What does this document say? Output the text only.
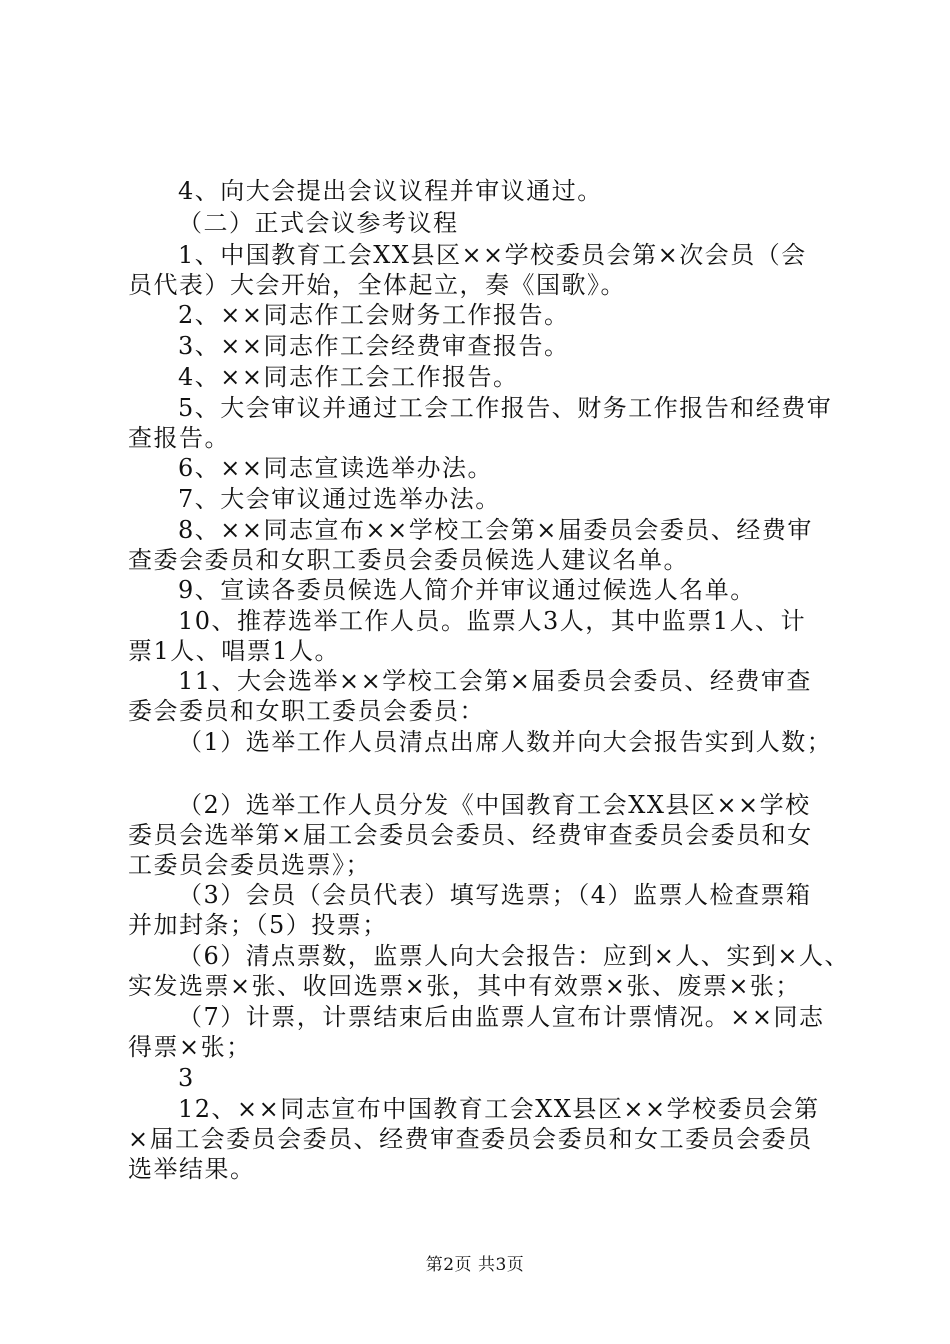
4、向大会提出会议议程并审议通过。
（二）正式会议参考议程
1、中国教育工会XX县区××学校委员会第×次会员（会
员代表）大会开始，全体起立，奏《国歌》。
2、××同志作工会财务工作报告。
3、××同志作工会经费审查报告。
4、××同志作工会工作报告。
5、大会审议并通过工会工作报告、财务工作报告和经费审
查报告。
6、××同志宣读选举办法。
7、大会审议通过选举办法。
8、××同志宣布××学校工会第×届委员会委员、经费审
查委会委员和女职工委员会委员候选人建议名单。
9、宣读各委员候选人简介并审议通过候选人名单。
10、推荐选举工作人员。监票人3人，其中监票1人、计
票1人、唱票1人。
11、大会选举××学校工会第×届委员会委员、经费审查
委会委员和女职工委员会委员：
（1）选举工作人员清点出席人数并向大会报告实到人数；
（2）选举工作人员分发《中国教育工会XX县区××学校
委员会选举第×届工会委员会委员、经费审查委员会委员和女
工委员会委员选票》；
（3）会员（会员代表）填写选票；（4）监票人检查票箱
并加封条；（5）投票；
（6）清点票数，监票人向大会报告：应到×人、实到×人、
实发选票×张、收回选票×张，其中有效票×张、废票×张；
（7）计票，计票结束后由监票人宣布计票情况。××同志
得票×张；
3
12、××同志宣布中国教育工会XX县区××学校委员会第
×届工会委员会委员、经费审查委员会委员和女工委员会委员
选举结果。
第2页 共3页
